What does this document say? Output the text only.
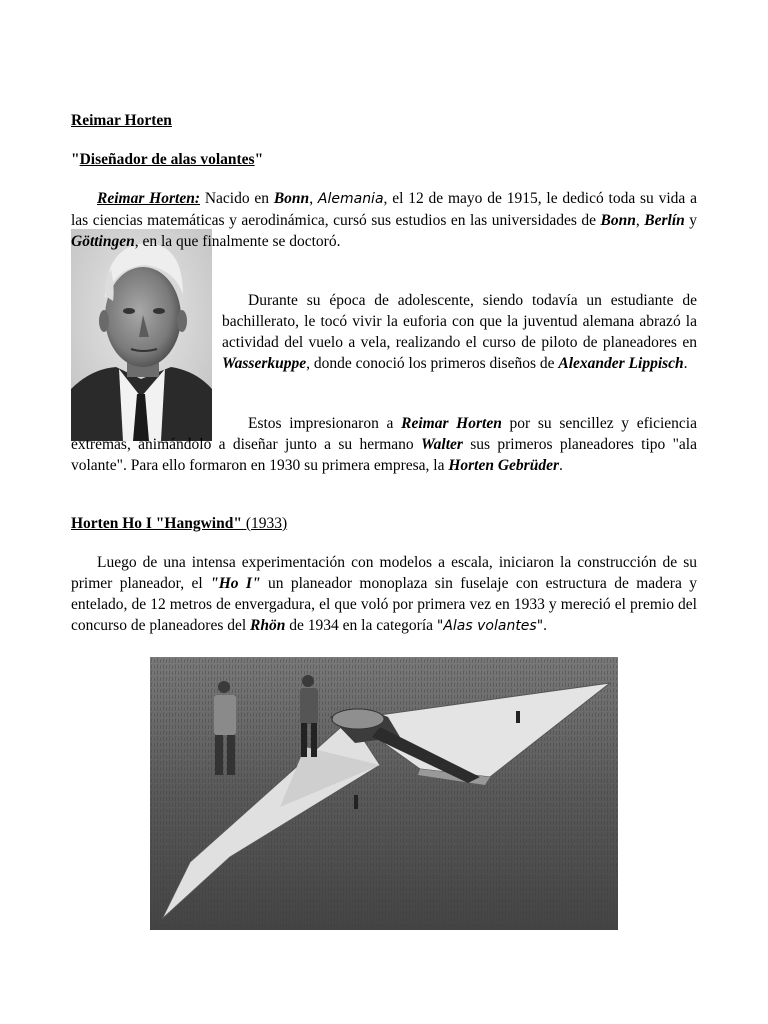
Reimar Horten
"Diseñador de alas volantes"
Reimar Horten: Nacido en Bonn, Alemania, el 12 de mayo de 1915, le dedicó toda su vida a las ciencias matemáticas y aerodinámica, cursó sus estudios en las universidades de Bonn, Berlín y Göttingen, en la que finalmente se doctoró.
Durante su época de adolescente, siendo todavía un estudiante de bachillerato, le tocó vivir la euforia con que la juventud alemana abrazó la actividad del vuelo a vela, realizando el curso de piloto de planeadores en Wasserkuppe, donde conoció los primeros diseños de Alexander Lippisch.
Estos impresionaron a Reimar Horten por su sencillez y eficiencia extremas, animándolo a diseñar junto a su hermano Walter sus primeros planeadores tipo "ala volante". Para ello formaron en 1930 su primera empresa, la Horten Gebrüder.
Horten Ho I "Hangwind" (1933)
Luego de una intensa experimentación con modelos a escala, iniciaron la construcción de su primer planeador, el "Ho I" un planeador monoplaza sin fuselaje con estructura de madera y entelado, de 12 metros de envergadura, el que voló por primera vez en 1933 y mereció el premio del concurso de planeadores del Rhön de 1934 en la categoría "Alas volantes".
